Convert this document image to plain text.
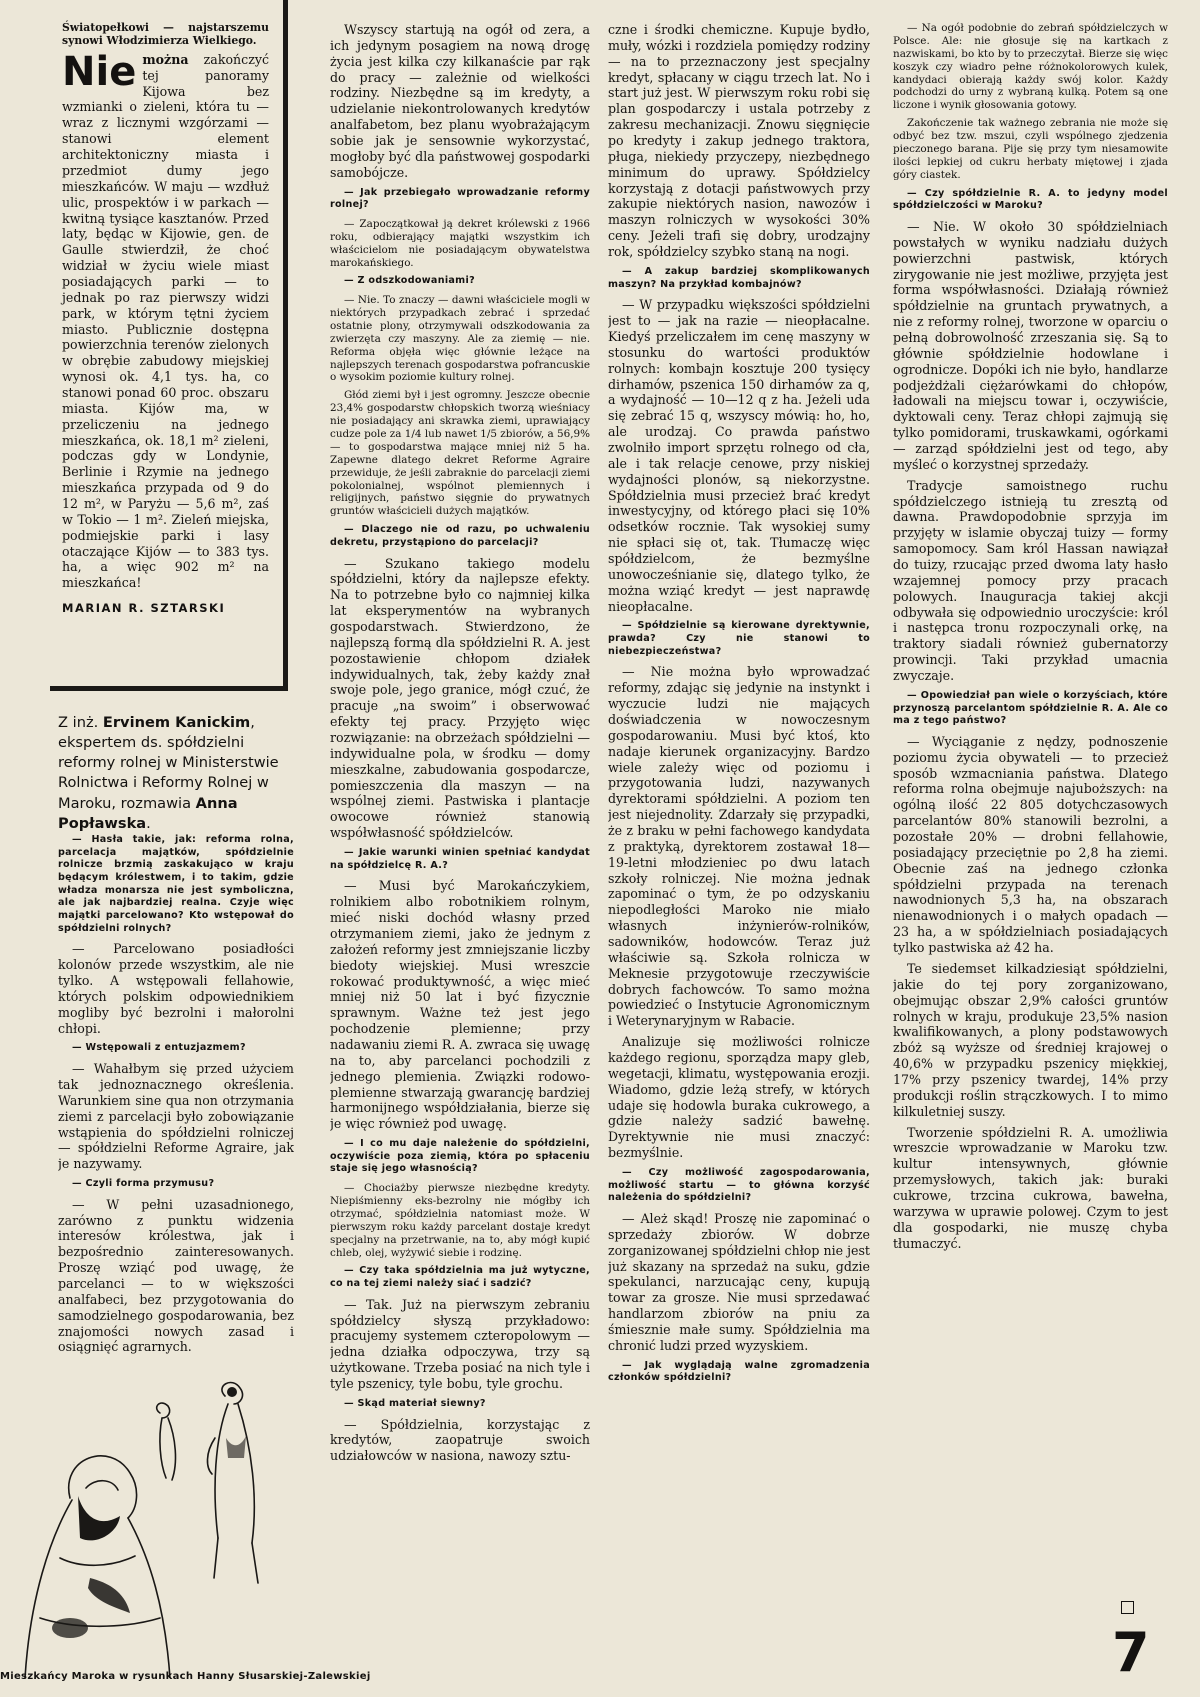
Światopełkowi — najstarszemu synowi Włodzimierza Wielkiego.

Nie można zakończyć tej panoramy Kijowa bez wzmianki o zieleni, która tu — wraz z licznymi wzgórzami — stanowi element architektoniczny miasta i przedmiot dumy jego mieszkańców. W maju — wzdłuż ulic, prospektów i w parkach — kwitną tysiące kasztanów. Przed laty, będąc w Kijowie, gen. de Gaulle stwierdził, że choć widział w życiu wiele miast posiadających parki — to jednak po raz pierwszy widzi park, w którym tętni życiem miasto. Publicznie dostępna powierzchnia terenów zielonych w obrębie zabudowy miejskiej wynosi ok. 4,1 tys. ha, co stanowi ponad 60 proc. obszaru miasta. Kijów ma, w przeliczeniu na jednego mieszkańca, ok. 18,1 m² zieleni, podczas gdy w Londynie, Berlinie i Rzymie na jednego mieszkańca przypada od 9 do 12 m², w Paryżu — 5,6 m², zaś w Tokio — 1 m². Zieleń miejska, podmiejskie parki i lasy otaczające Kijów — to 383 tys. ha, a więc 902 m² na mieszkańca!

MARIAN R. SZTARSKI

Z inż. Ervinem Kanickim, ekspertem ds. spółdzielni reformy rolnej w Ministerstwie Rolnictwa i Reformy Rolnej w Maroku, rozmawia Anna Popławska.

— Hasła takie, jak: reforma rolna, parcelacja majątków, spółdzielnie rolnicze brzmią zaskakująco w kraju będącym królestwem, i to takim, gdzie władza monarsza nie jest symboliczna, ale jak najbardziej realna. Czyje więc majątki parcelowano? Kto wstępował do spółdzielni rolnych?

— Parcelowano posiadłości kolonów przede wszystkim, ale nie tylko. A wstępowali fellahowie, których polskim odpowiednikiem mogliby być bezrolni i małorolni chłopi.

— Wstępowali z entuzjazmem?

— Wahałbym się przed użyciem tak jednoznacznego określenia. Warunkiem sine qua non otrzymania ziemi z parcelacji było zobowiązanie wstąpienia do spółdzielni rolniczej — spółdzielni Reforme Agraire, jak je nazywamy.

— Czyli forma przymusu?

— W pełni uzasadnionego, zarówno z punktu widzenia interesów królestwa, jak i bezpośrednio zainteresowanych. Proszę wziąć pod uwagę, że parcelanci — to w większości analfabeci, bez przygotowania do samodzielnego gospodarowania, bez znajomości nowych zasad i osiągnięć agrarnych.

Wszyscy startują na ogół od zera, a ich jedynym posagiem na nową drogę życia jest kilka czy kilkanaście par rąk do pracy — zależnie od wielkości rodziny. Niezbędne są im kredyty, a udzielanie niekontrolowanych kredytów analfabetom, bez planu wyobrażającym sobie jak je sensownie wykorzystać, mogłoby być dla państwowej gospodarki samobójcze.

— Jak przebiegało wprowadzanie reformy rolnej?

— Zapoczątkował ją dekret królewski z 1966 roku, odbierający majątki wszystkim ich właścicielom nie posiadającym obywatelstwa marokańskiego.

— Z odszkodowaniami?

— Nie. To znaczy — dawni właściciele mogli w niektórych przypadkach zebrać i sprzedać ostatnie plony, otrzymywali odszkodowania za zwierzęta czy maszyny. Ale za ziemię — nie. Reforma objęła więc głównie leżące na najlepszych terenach gospodarstwa pofrancuskie o wysokim poziomie kultury rolnej.

Głód ziemi był i jest ogromny. Jeszcze obecnie 23,4% gospodarstw chłopskich tworzą wieśniacy nie posiadający ani skrawka ziemi, uprawiający cudze pole za 1/4 lub nawet 1/5 zbiorów, a 56,9% — to gospodarstwa mające mniej niż 5 ha. Zapewne dlatego dekret Reforme Agraire przewiduje, że jeśli zabraknie do parcelacji ziemi pokolonialnej, wspólnot plemiennych i religijnych, państwo sięgnie do prywatnych gruntów właścicieli dużych majątków.

— Dlaczego nie od razu, po uchwaleniu dekretu, przystąpiono do parcelacji?

— Szukano takiego modelu spółdzielni, który da najlepsze efekty. Na to potrzebne było co najmniej kilka lat eksperymentów na wybranych gospodarstwach. Stwierdzono, że najlepszą formą dla spółdzielni R. A. jest pozostawienie chłopom działek indywidualnych, tak, żeby każdy znał swoje pole, jego granice, mógł czuć, że pracuje „na swoim” i obserwować efekty tej pracy. Przyjęto więc rozwiązanie: na obrzeżach spółdzielni — indywidualne pola, w środku — domy mieszkalne, zabudowania gospodarcze, pomieszczenia dla maszyn — na wspólnej ziemi. Pastwiska i plantacje owocowe również stanowią współwłasność spółdzielców.

— Jakie warunki winien spełniać kandydat na spółdzielcę R. A.?

— Musi być Marokańczykiem, rolnikiem albo robotnikiem rolnym, mieć niski dochód własny przed otrzymaniem ziemi, jako że jednym z założeń reformy jest zmniejszanie liczby biedoty wiejskiej. Musi wreszcie rokować produktywność, a więc mieć mniej niż 50 lat i być fizycznie sprawnym. Ważne też jest jego pochodzenie plemienne; przy nadawaniu ziemi R. A. zwraca się uwagę na to, aby parcelanci pochodzili z jednego plemienia. Związki rodowo-plemienne stwarzają gwarancję bardziej harmonijnego współdziałania, bierze się je więc również pod uwagę.

— I co mu daje należenie do spółdzielni, oczywiście poza ziemią, która po spłaceniu staje się jego własnością?

— Chociażby pierwsze niezbędne kredyty. Niepiśmienny eks-bezrolny nie mógłby ich otrzymać, spółdzielnia natomiast może. W pierwszym roku każdy parcelant dostaje kredyt specjalny na przetrwanie, na to, aby mógł kupić chleb, olej, wyżywić siebie i rodzinę.

— Czy taka spółdzielnia ma już wytyczne, co na tej ziemi należy siać i sadzić?

— Tak. Już na pierwszym zebraniu spółdzielcy słyszą przykładowo: pracujemy systemem czteropolowym — jedna działka odpoczywa, trzy są użytkowane. Trzeba posiać na nich tyle i tyle pszenicy, tyle bobu, tyle grochu.

— Skąd materiał siewny?

— Spółdzielnia, korzystając z kredytów, zaopatruje swoich udziałowców w nasiona, nawozy sztu-

czne i środki chemiczne. Kupuje bydło, muły, wózki i rozdziela pomiędzy rodziny — na to przeznaczony jest specjalny kredyt, spłacany w ciągu trzech lat. No i start już jest. W pierwszym roku robi się plan gospodarczy i ustala potrzeby z zakresu mechanizacji. Znowu sięgnięcie po kredyty i zakup jednego traktora, pługa, niekiedy przyczepy, niezbędnego minimum do uprawy. Spółdzielcy korzystają z dotacji państwowych przy zakupie niektórych nasion, nawozów i maszyn rolniczych w wysokości 30% ceny. Jeżeli trafi się dobry, urodzajny rok, spółdzielcy szybko staną na nogi.

— A zakup bardziej skomplikowanych maszyn? Na przykład kombajnów?

— W przypadku większości spółdzielni jest to — jak na razie — nieopłacalne. Kiedyś przeliczałem im cenę maszyny w stosunku do wartości produktów rolnych: kombajn kosztuje 200 tysięcy dirhamów, pszenica 150 dirhamów za q, a wydajność — 10—12 q z ha. Jeżeli uda się zebrać 15 q, wszyscy mówią: ho, ho, ale urodzaj. Co prawda państwo zwolniło import sprzętu rolnego od cła, ale i tak relacje cenowe, przy niskiej wydajności plonów, są niekorzystne. Spółdzielnia musi przecież brać kredyt inwestycyjny, od którego płaci się 10% odsetków rocznie. Tak wysokiej sumy nie spłaci się ot, tak. Tłumaczę więc spółdzielcom, że bezmyślne unowocześnianie się, dlatego tylko, że można wziąć kredyt — jest naprawdę nieopłacalne.

— Spółdzielnie są kierowane dyrektywnie, prawda? Czy nie stanowi to niebezpieczeństwa?

— Nie można było wprowadzać reformy, zdając się jedynie na instynkt i wyczucie ludzi nie mających doświadczenia w nowoczesnym gospodarowaniu. Musi być ktoś, kto nadaje kierunek organizacyjny. Bardzo wiele zależy więc od poziomu i przygotowania ludzi, nazywanych dyrektorami spółdzielni. A poziom ten jest niejednolity. Zdarzały się przypadki, że z braku w pełni fachowego kandydata z praktyką, dyrektorem zostawał 18—19-letni młodzieniec po dwu latach szkoły rolniczej. Nie można jednak zapominać o tym, że po odzyskaniu niepodległości Maroko nie miało własnych inżynierów-rolników, sadowników, hodowców. Teraz już właściwie są. Szkoła rolnicza w Meknesie przygotowuje rzeczywiście dobrych fachowców. To samo można powiedzieć o Instytucie Agronomicznym i Weterynaryjnym w Rabacie.

Analizuje się możliwości rolnicze każdego regionu, sporządza mapy gleb, wegetacji, klimatu, występowania erozji. Wiadomo, gdzie leżą strefy, w których udaje się hodowla buraka cukrowego, a gdzie należy sadzić bawełnę. Dyrektywnie nie musi znaczyć: bezmyślnie.

— Czy możliwość zagospodarowania, możliwość startu — to główna korzyść należenia do spółdzielni?

— Ależ skąd! Proszę nie zapominać o sprzedaży zbiorów. W dobrze zorganizowanej spółdzielni chłop nie jest już skazany na sprzedaż na suku, gdzie spekulanci, narzucając ceny, kupują towar za grosze. Nie musi sprzedawać handlarzom zbiorów na pniu za śmiesznie małe sumy. Spółdzielnia ma chronić ludzi przed wyzyskiem.

— Jak wyglądają walne zgromadzenia członków spółdzielni?

— Na ogół podobnie do zebrań spółdzielczych w Polsce. Ale: nie głosuje się na kartkach z nazwiskami, bo kto by to przeczytał. Bierze się więc koszyk czy wiadro pełne różnokolorowych kulek, kandydaci obierają każdy swój kolor. Każdy podchodzi do urny z wybraną kulką. Potem są one liczone i wynik głosowania gotowy.

Zakończenie tak ważnego zebrania nie może się odbyć bez tzw. mszui, czyli wspólnego zjedzenia pieczonego barana. Pije się przy tym niesamowite ilości lepkiej od cukru herbaty miętowej i zjada góry ciastek.

— Czy spółdzielnie R. A. to jedyny model spółdzielczości w Maroku?

— Nie. W około 30 spółdzielniach powstałych w wyniku nadziału dużych powierzchni pastwisk, których zirygowanie nie jest możliwe, przyjęta jest forma współwłasności. Działają również spółdzielnie na gruntach prywatnych, a nie z reformy rolnej, tworzone w oparciu o pełną dobrowolność zrzeszania się. Są to głównie spółdzielnie hodowlane i ogrodnicze. Dopóki ich nie było, handlarze podjeżdżali ciężarówkami do chłopów, ładowali na miejscu towar i, oczywiście, dyktowali ceny. Teraz chłopi zajmują się tylko pomidorami, truskawkami, ogórkami — zarząd spółdzielni jest od tego, aby myśleć o korzystnej sprzedaży.

Tradycje samoistnego ruchu spółdzielczego istnieją tu zresztą od dawna. Prawdopodobnie sprzyja im przyjęty w islamie obyczaj tuizy — formy samopomocy. Sam król Hassan nawiązał do tuizy, rzucając przed dwoma laty hasło wzajemnej pomocy przy pracach polowych. Inauguracja takiej akcji odbywała się odpowiednio uroczyście: król i następca tronu rozpoczynali orkę, na traktory siadali również gubernatorzy prowincji. Taki przykład umacnia zwyczaje.

— Opowiedział pan wiele o korzyściach, które przynoszą parcelantom spółdzielnie R. A. Ale co ma z tego państwo?

— Wyciąganie z nędzy, podnoszenie poziomu życia obywateli — to przecież sposób wzmacniania państwa. Dlatego reforma rolna obejmuje najuboższych: na ogólną ilość 22 805 dotychczasowych parcelantów 80% stanowili bezrolni, a pozostałe 20% — drobni fellahowie, posiadający przeciętnie po 2,8 ha ziemi. Obecnie zaś na jednego członka spółdzielni przypada na terenach nawodnionych 5,3 ha, na obszarach nienawodnionych i o małych opadach — 23 ha, a w spółdzielniach posiadających tylko pastwiska aż 42 ha.

Te siedemset kilkadziesiąt spółdzielni, jakie do tej pory zorganizowano, obejmując obszar 2,9% całości gruntów rolnych w kraju, produkuje 23,5% nasion kwalifikowanych, a plony podstawowych zbóż są wyższe od średniej krajowej o 40,6% w przypadku pszenicy miękkiej, 17% przy pszenicy twardej, 14% przy produkcji roślin strączkowych. I to mimo kilkuletniej suszy.

Tworzenie spółdzielni R. A. umożliwia wreszcie wprowadzanie w Maroku tzw. kultur intensywnych, głównie przemysłowych, takich jak: buraki cukrowe, trzcina cukrowa, bawełna, warzywa w uprawie polowej. Czym to jest dla gospodarki, nie muszę chyba tłumaczyć.

Mieszkańcy Maroka w rysunkach Hanny Słusarskiej-Zalewskiej	7
